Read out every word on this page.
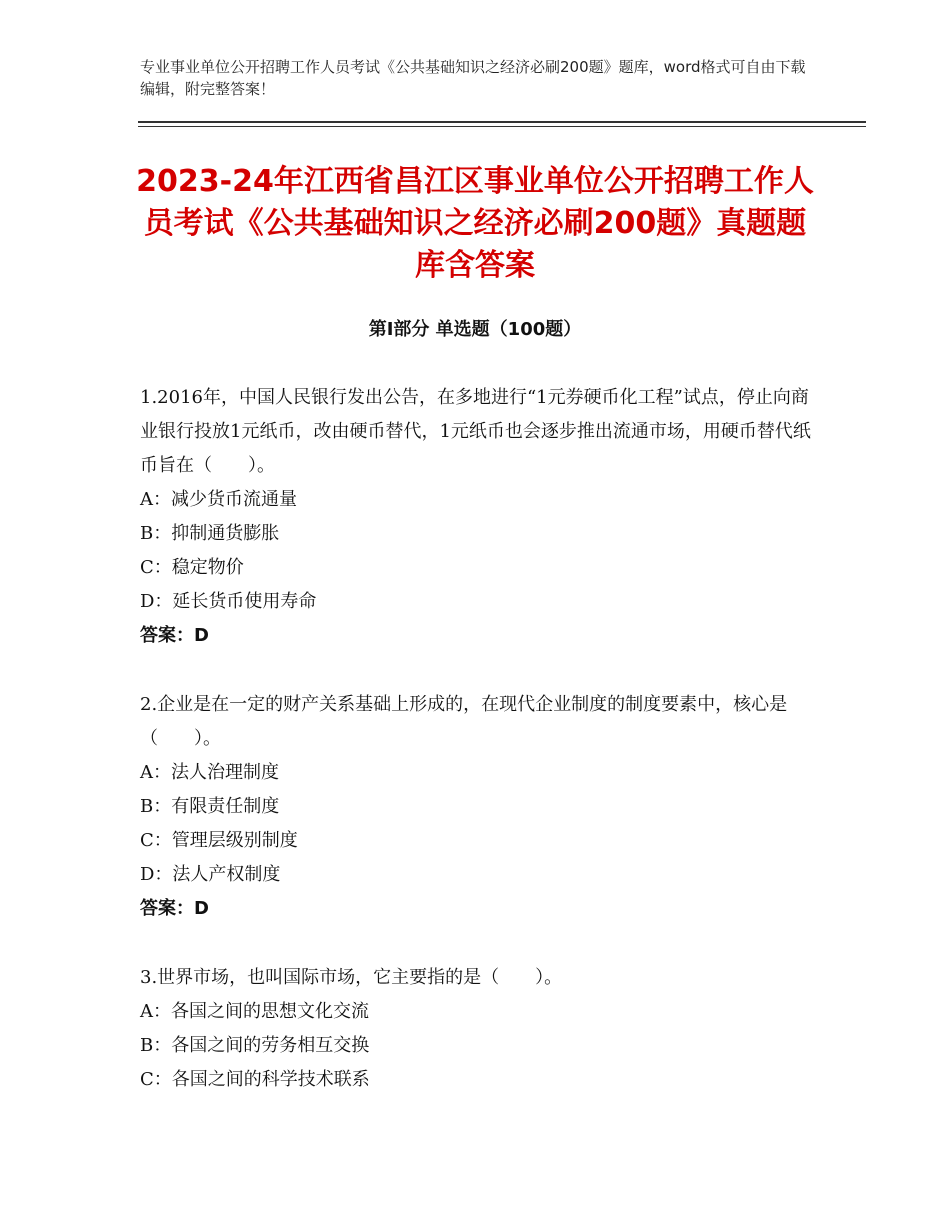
专业事业单位公开招聘工作人员考试《公共基础知识之经济必刷200题》题库，word格式可自由下载编辑，附完整答案！
2023-24年江西省昌江区事业单位公开招聘工作人员考试《公共基础知识之经济必刷200题》真题题库含答案
第Ⅰ部分 单选题（100题）
1.2016年，中国人民银行发出公告，在多地进行“1元券硬币化工程”试点，停止向商业银行投放1元纸币，改由硬币替代，1元纸币也会逐步推出流通市场，用硬币替代纸币旨在（　　）。
A：减少货币流通量
B：抑制通货膨胀
C：稳定物价
D：延长货币使用寿命
答案：D
2.企业是在一定的财产关系基础上形成的，在现代企业制度的制度要素中，核心是（　　）。
A：法人治理制度
B：有限责任制度
C：管理层级别制度
D：法人产权制度
答案：D
3.世界市场，也叫国际市场，它主要指的是（　　）。
A：各国之间的思想文化交流
B：各国之间的劳务相互交换
C：各国之间的科学技术联系
